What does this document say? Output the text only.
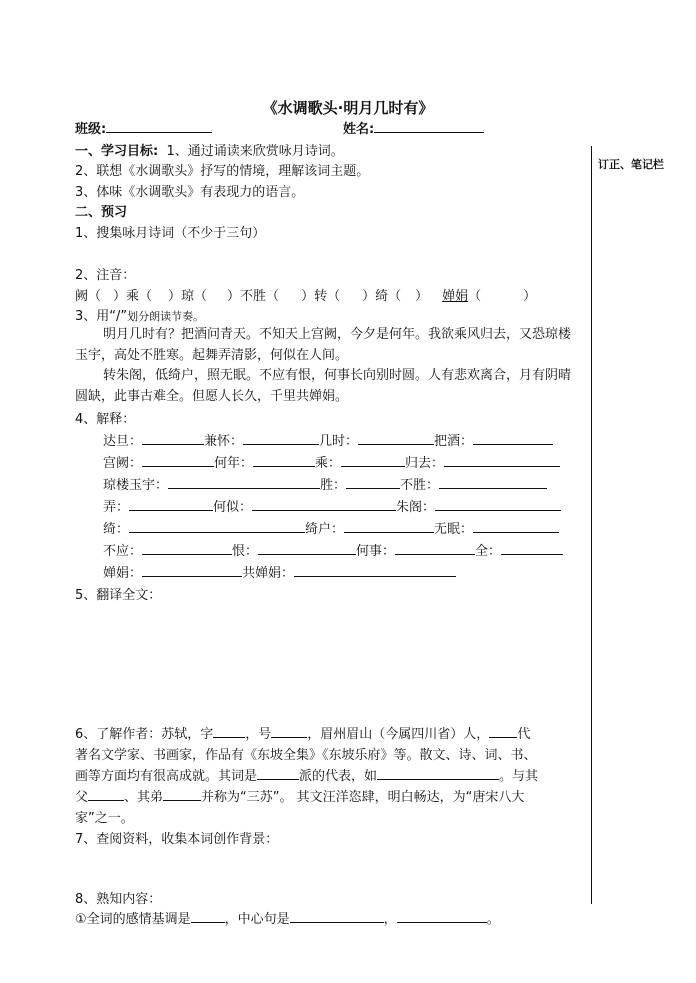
《水调歌头·明月几时有》
班级:	姓名:
订正、笔记栏
一、学习目标: 1、通过诵读来欣赏咏月诗词。
2、联想《水调歌头》抒写的情境，理解该词主题。
3、体味《水调歌头》有表现力的语言。
二、预习
1、搜集咏月诗词（不少于三句）
2、注音：
阙（ ）乘（ ）琼（ ）不胜（ ）转（ ）绮（ ） 婵娟（	）
3、用“/”划分朗读节奏。
明月几时有？把酒问青天。不知天上宫阙，今夕是何年。我欲乘风归去，又恐琼楼玉宇，高处不胜寒。起舞弄清影，何似在人间。
转朱阁，低绮户，照无眠。不应有恨，何事长向别时圆。人有悲欢离合，月有阴晴圆缺，此事古难全。但愿人长久，千里共婵娟。
4、解释：
达旦：	兼怀：	几时：	把酒：
宫阙：	何年：	乘：	归去：
琼楼玉宇：	胜：	不胜：
弄：	何似：	朱阁：
绮：	绮户：	无眠：
不应：	恨：	何事：	全：
婵娟：	共婵娟：
5、翻译全文：
6、了解作者：苏轼，字 ，号	，眉州眉山（今属四川省）人， 代
著名文学家、书画家，作品有《东坡全集》《东坡乐府》等。散文、诗、词、书、
画等方面均有很高成就。其词是	派的代表，如	。与其
父	、其弟	并称为“三苏”。 其文汪洋恣肆，明白畅达，为“唐宋八大
家”之一。
7、查阅资料，收集本词创作背景：
8、熟知内容：
①全词的感情基调是	，中心句是	，	。
